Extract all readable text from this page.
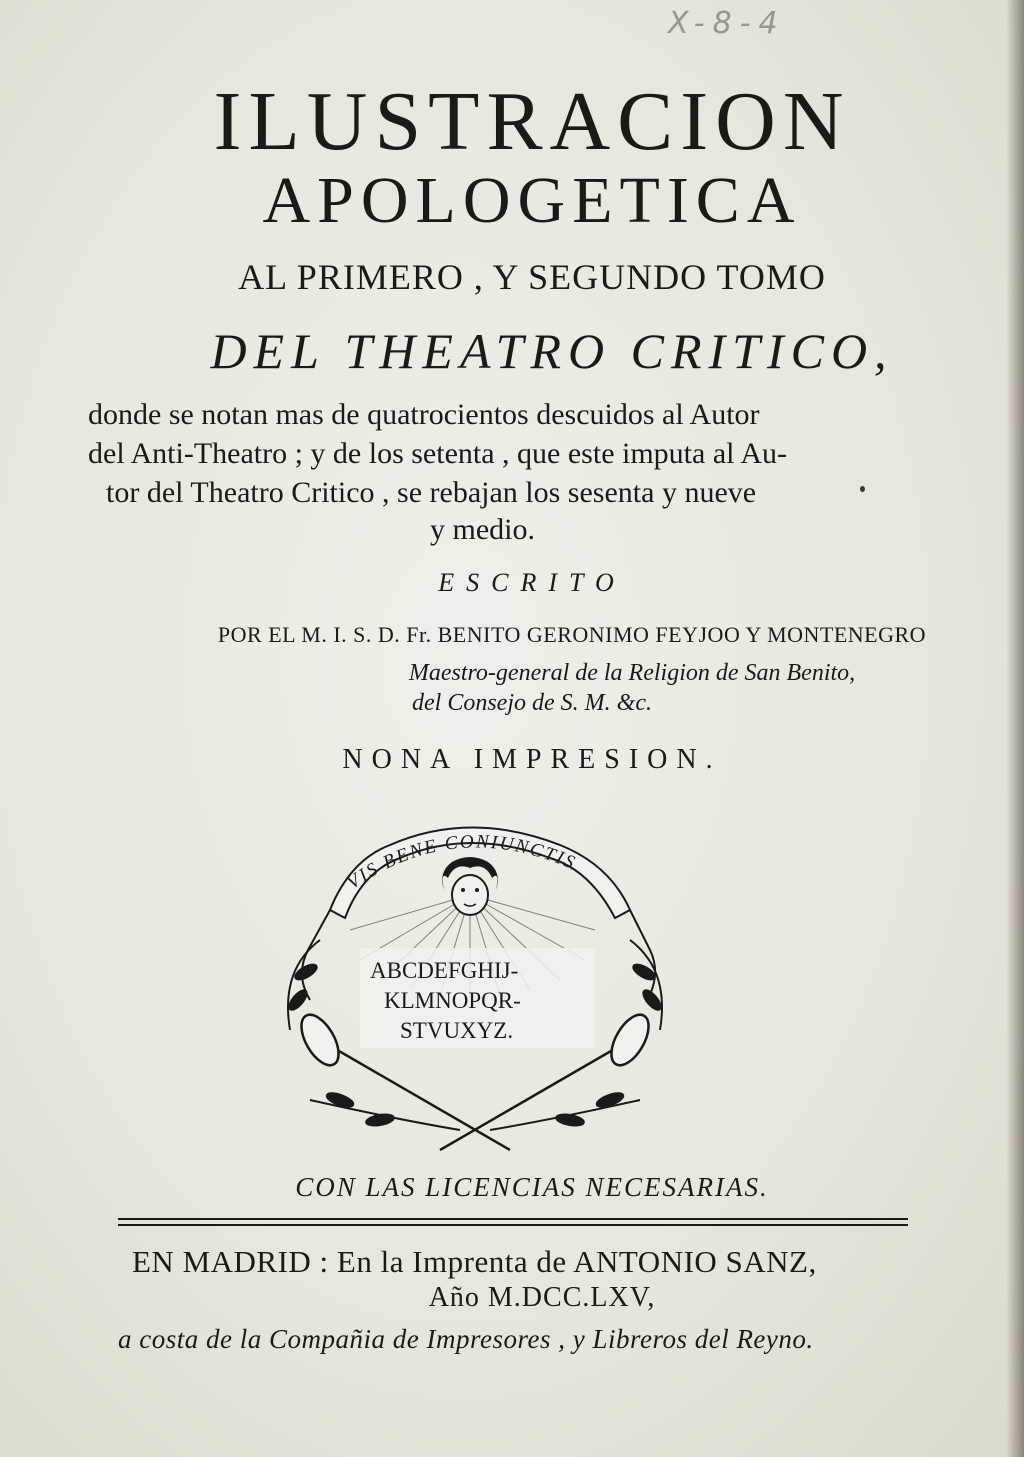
X-8-4
ILUSTRACION
APOLOGETICA
AL PRIMERO , Y SEGUNDO TOMO
DEL THEATRO CRITICO,
donde se notan mas de quatrocientos descuidos al Autor
del Anti-Theatro ; y de los setenta , que este imputa al Au-
tor del Theatro Critico , se rebajan los sesenta y nueve
y medio.
ESCRITO
POR EL M. I. S. D. Fr. BENITO GERONIMO FEYJOO Y MONTENEGRO
Maestro-general de la Religion de San Benito,
del Consejo de S. M. &c.
NONA IMPRESION.
VIS BENE CONIUNCTIS
ABCDEFGHIJ-
KLMNOPQR-
STVUXYZ.
CON LAS LICENCIAS NECESARIAS.
EN MADRID : En la Imprenta de ANTONIO SANZ,
Año M.DCC.LXV,
a costa de la Compañia de Impresores , y Libreros del Reyno.
